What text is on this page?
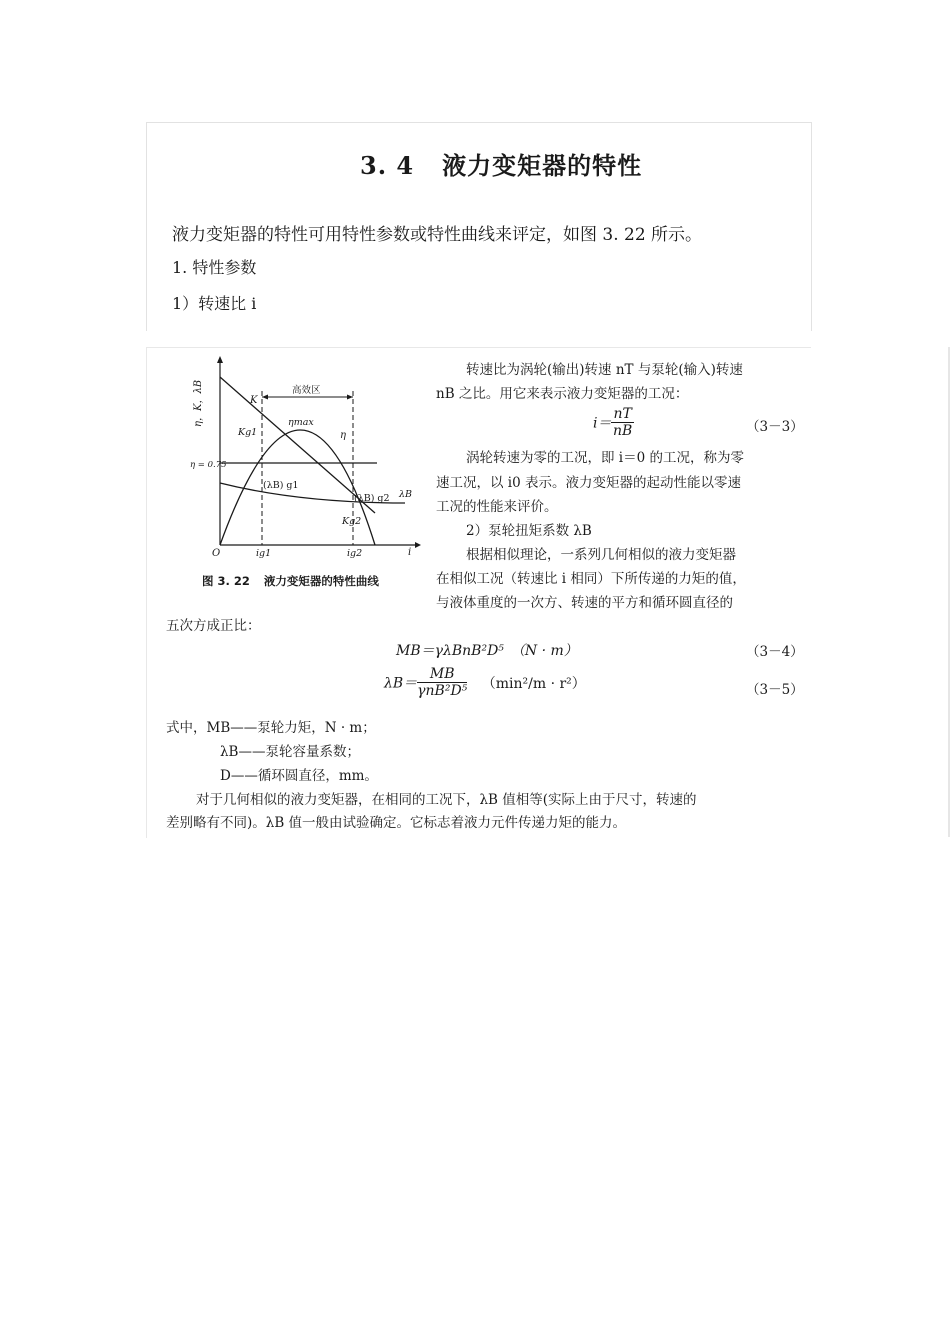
3. 4 液力变矩器的特性
液力变矩器的特性可用特性参数或特性曲线来评定，如图 3. 22 所示。
1. 特性参数
1）转速比 i
η，K，λB	高效区
η = 0.75
O	i
ig1	ig2
K
Kg1
Kg2
η
ηmax
(λB) g1
(λB) g2 λB
图 3. 22 液力变矩器的特性曲线
转速比为涡轮(输出)转速 nT 与泵轮(输入)转速
nB 之比。用它来表示液力变矩器的工况：
$i= \frac{nT}{nB}$	（3－3）
涡轮转速为零的工况，即 i＝0 的工况，称为零
速工况，以 i0 表示。液力变矩器的起动性能以零速
工况的性能来评价。
2）泵轮扭矩系数 λB
根据相似理论，一系列几何相似的液力变矩器
在相似工况（转速比 i 相同）下所传递的力矩的值，
与液体重度的一次方、转速的平方和循环圆直径的
五次方成正比：
MB＝γλBnB²D⁵　（N · m）	（3－4）
$\lambda B= \frac{MB}{\text{γnB²D⁵}} (\min^2/m \cdot r^2)$	（3－5）
式中，MB——泵轮力矩，N · m；
λB——泵轮容量系数；
D——循环圆直径，mm。
对于几何相似的液力变矩器，在相同的工况下，λB 值相等(实际上由于尺寸，转速的
差别略有不同)。λB 值一般由试验确定。它标志着液力元件传递力矩的能力。
